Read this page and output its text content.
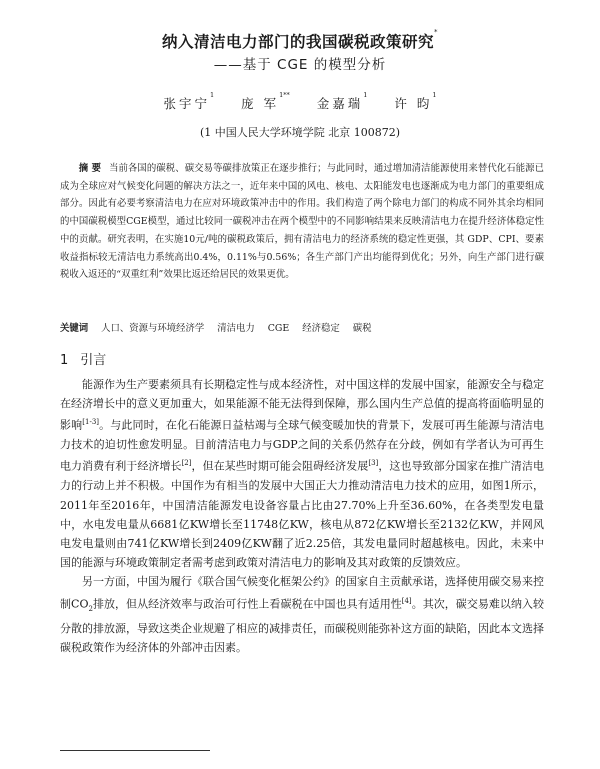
纳入清洁电力部门的我国碳税政策研究*
——基于 CGE 的模型分析
张宇宁$^1$ 庞 军$^{1**}$ 金嘉瑞$^1$ 许 昀$^1$
(1 中国人民大学环境学院 北京 100872)
摘 要 当前各国的碳税、碳交易等碳排放策正在逐步推行；与此同时，通过增加清洁能源使用来替代化石能源已成为全球应对气候变化问题的解决方法之一，近年来中国的风电、核电、太阳能发电也逐渐成为电力部门的重要组成部分。因此有必要考察清洁电力在应对环境政策冲击中的作用。我们构造了两个除电力部门的构成不同外其余均相同的中国碳税模型CGE模型，通过比较同一碳税冲击在两个模型中的不同影响结果来反映清洁电力在提升经济体稳定性中的贡献。研究表明，在实施10元/吨的碳税政策后，拥有清洁电力的经济系统的稳定性更强，其 GDP、CPI、要素收益指标较无清洁电力系统高出0.4%，0.11%与0.56%；各生产部门产出均能得到优化；另外，向生产部门进行碳税收入返还的“双重红利”效果比返还给居民的效果更优。
关键词 人口、资源与环境经济学 清洁电力 CGE 经济稳定 碳税
1 引言

能源作为生产要素须具有长期稳定性与成本经济性，对中国这样的发展中国家，能源安全与稳定在经济增长中的意义更加重大，如果能源不能无法得到保障，那么国内生产总值的提高将面临明显的影响[1-3]。与此同时，在化石能源日益枯竭与全球气候变暖加快的背景下，发展可再生能源与清洁电力技术的迫切性愈发明显。目前清洁电力与GDP之间的关系仍然存在分歧，例如有学者认为可再生电力消费有利于经济增长[2]，但在某些时期可能会阻碍经济发展[3]，这也导致部分国家在推广清洁电力的行动上并不积极。中国作为有相当的发展中大国正大力推动清洁电力技术的应用，如图1所示，2011年至2016年，中国清洁能源发电设备容量占比由27.70%上升至36.60%，在各类型发电量中，水电发电量从6681亿KW增长至11748亿KW，核电从872亿KW增长至2132亿KW，并网风电发电量则由741亿KW增长到2409亿KW翻了近2.25倍，其发电量同时超越核电。因此，未来中国的能源与环境政策制定者需考虑到政策对清洁电力的影响及其对政策的反馈效应。

另一方面，中国为履行《联合国气候变化框架公约》的国家自主贡献承诺，选择使用碳交易来控制$CO_2$排放，但从经济效率与政治可行性上看碳税在中国也具有适用性[4]。其次，碳交易难以纳入较分散的排放源，导致这类企业规避了相应的减排责任，而碳税则能弥补这方面的缺陷，因此本文选择碳税政策作为经济体的外部冲击因素。
